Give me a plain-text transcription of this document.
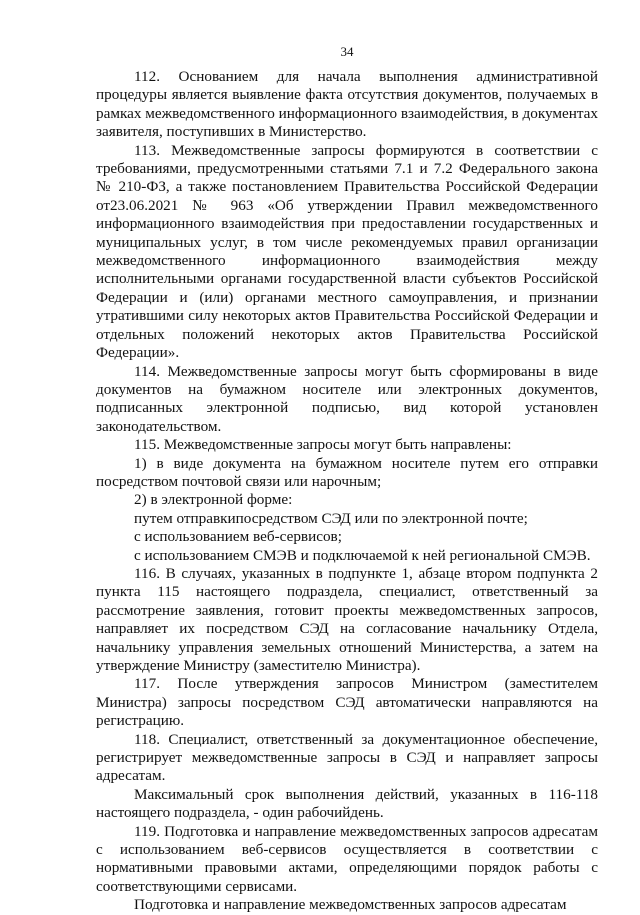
34

112. Основанием для начала выполнения административной процедуры является выявление факта отсутствия документов, получаемых в рамках межведомственного информационного взаимодействия, в документах заявителя, поступивших в Министерство.

113. Межведомственные запросы формируются в соответствии с требованиями, предусмотренными статьями 7.1 и 7.2 Федерального закона № 210-ФЗ, а также постановлением Правительства Российской Федерации от23.06.2021 № 963 «Об утверждении Правил межведомственного информационного взаимодействия при предоставлении государственных и муниципальных услуг, в том числе рекомендуемых правил организации межведомственного информационного взаимодействия между исполнительными органами государственной власти субъектов Российской Федерации и (или) органами местного самоуправления, и признании утратившими силу некоторых актов Правительства Российской Федерации и отдельных положений некоторых актов Правительства Российской Федерации».

114. Межведомственные запросы могут быть сформированы в виде документов на бумажном носителе или электронных документов, подписанных электронной подписью, вид которой установлен законодательством.

115. Межведомственные запросы могут быть направлены:

1) в виде документа на бумажном носителе путем его отправки посредством почтовой связи или нарочным;

2) в электронной форме:

путем отправкипосредством СЭД или по электронной почте;

с использованием веб-сервисов;

с использованием СМЭВ и подключаемой к ней региональной СМЭВ.

116. В случаях, указанных в подпункте 1, абзаце втором подпункта 2 пункта 115 настоящего подраздела, специалист, ответственный за рассмотрение заявления, готовит проекты межведомственных запросов, направляет их посредством СЭД на согласование начальнику Отдела, начальнику управления земельных отношений Министерства, а затем на утверждение Министру (заместителю Министра).

117. После утверждения запросов Министром (заместителем Министра) запросы посредством СЭД автоматически направляются на регистрацию.

118. Специалист, ответственный за документационное обеспечение, регистрирует межведомственные запросы в СЭД и направляет запросы адресатам.

Максимальный срок выполнения действий, указанных в 116-118 настоящего подраздела, - один рабочийдень.

119. Подготовка и направление межведомственных запросов адресатам с использованием веб-сервисов осуществляется в соответствии с нормативными правовыми актами, определяющими порядок работы с соответствующими сервисами.

Подготовка и направление межведомственных запросов адресатам
